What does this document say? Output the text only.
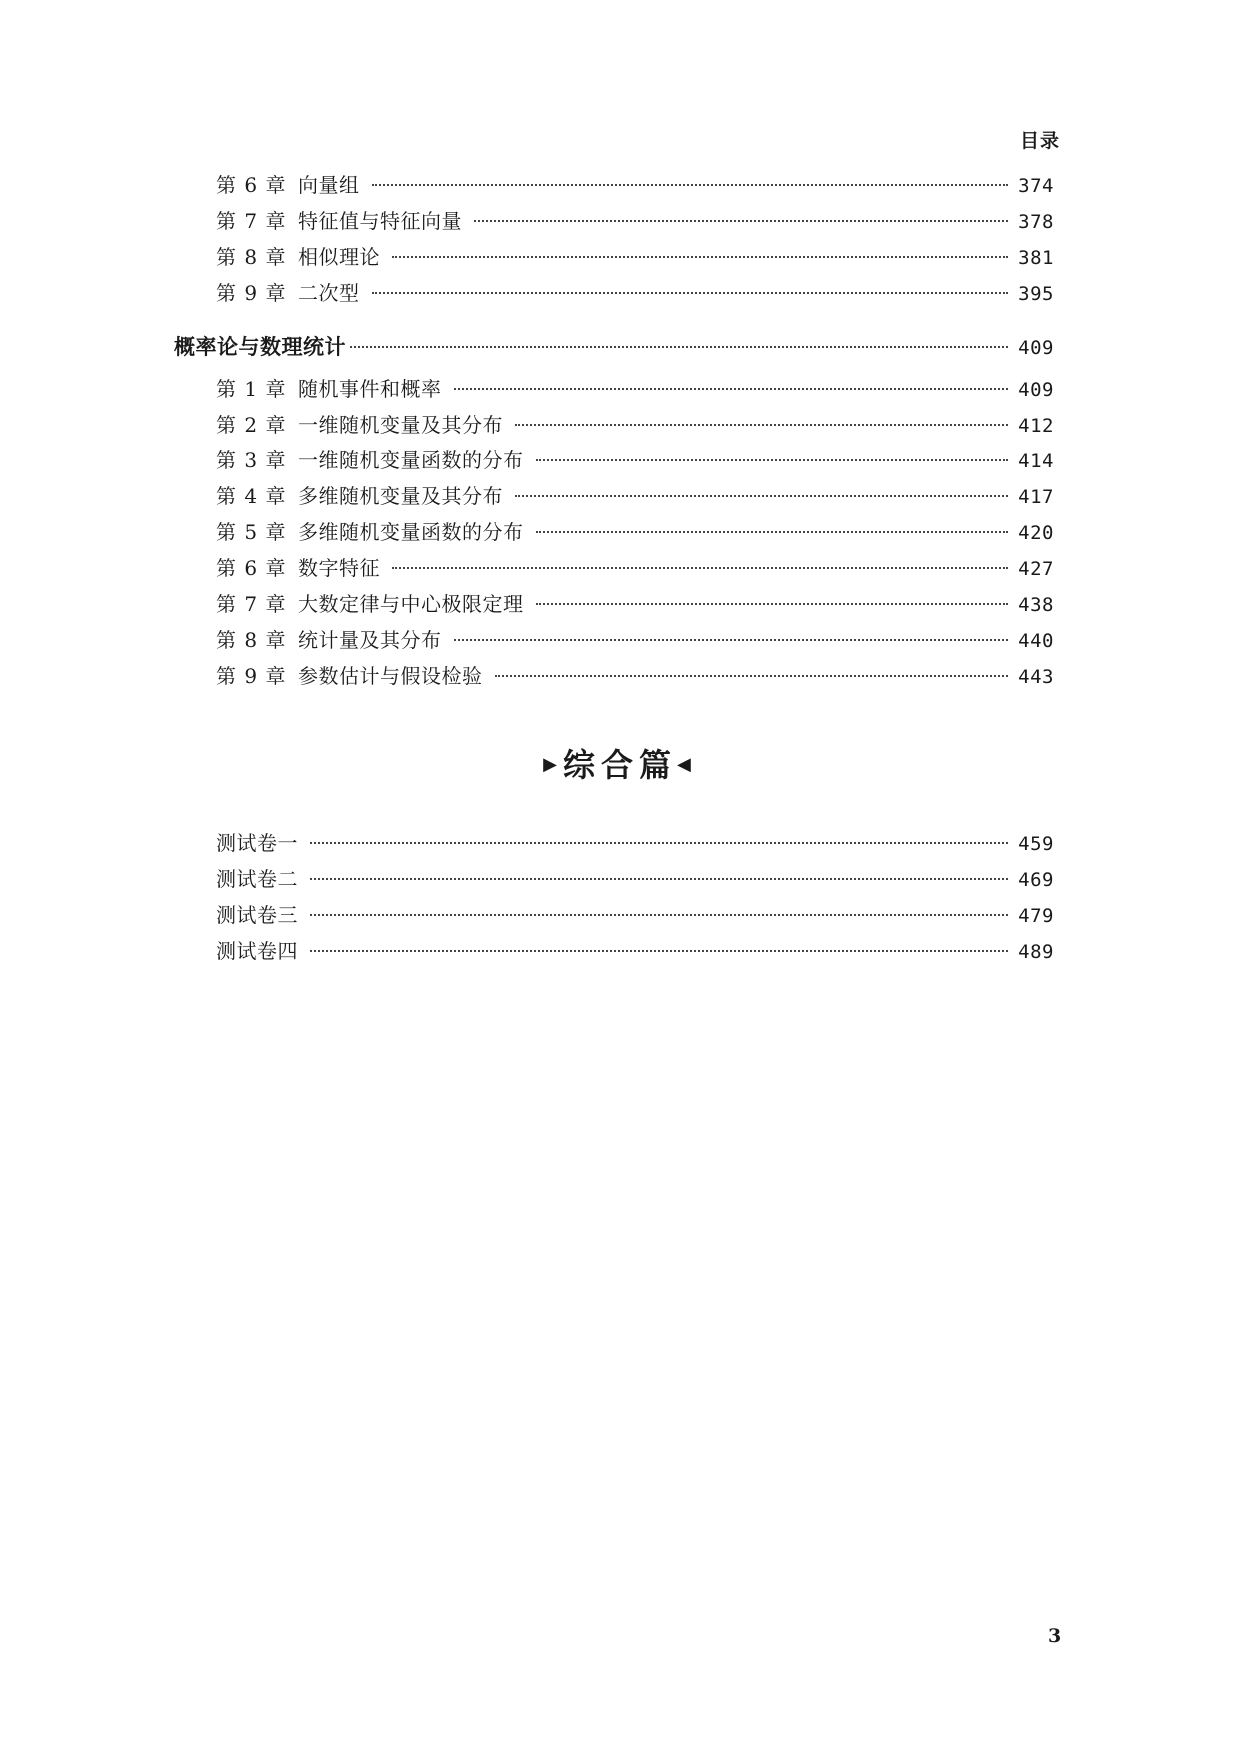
目录
第 6 章 向量组	374
第 7 章 特征值与特征向量	378
第 8 章 相似理论	381
第 9 章 二次型	395
概率论与数理统计	409
第 1 章 随机事件和概率	409
第 2 章 一维随机变量及其分布	412
第 3 章 一维随机变量函数的分布	414
第 4 章 多维随机变量及其分布	417
第 5 章 多维随机变量函数的分布	420
第 6 章 数字特征	427
第 7 章 大数定律与中心极限定理	438
第 8 章 统计量及其分布	440
第 9 章 参数估计与假设检验	443
▶综合篇◀
测试卷一	459
测试卷二	469
测试卷三	479
测试卷四	489
3
